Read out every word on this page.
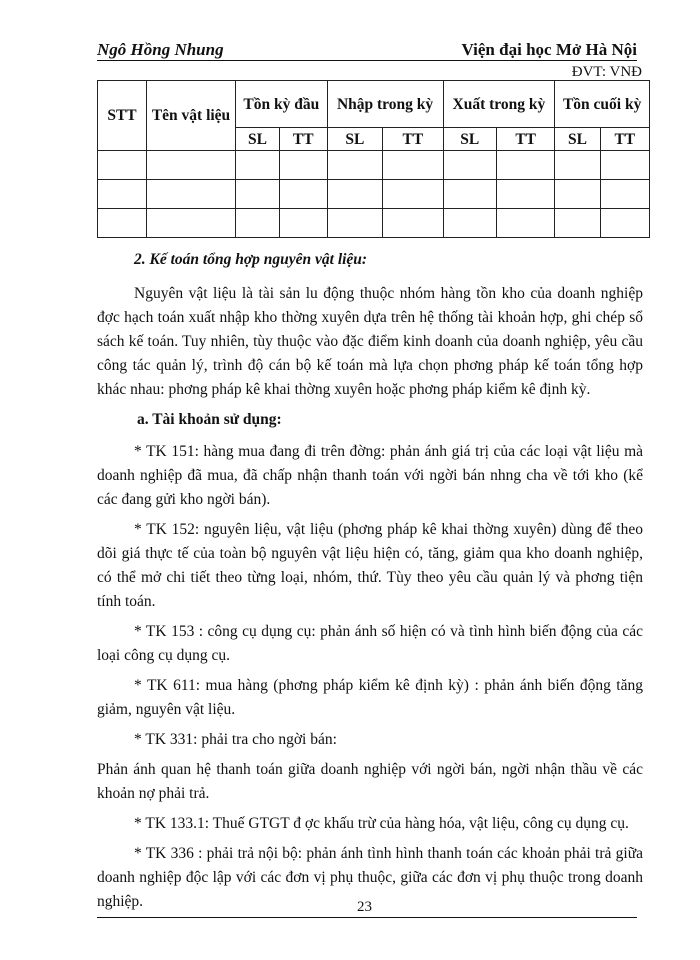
Ngô Hồng Nhung	Viện đại học Mở Hà Nội
ĐVT: VNĐ
STT	Tên vật liệu	Tồn kỳ đầu		Nhập trong kỳ		Xuất trong kỳ		Tồn cuối kỳ	
		SL	TT	SL	TT	SL	TT	SL	TT

2. Kế toán tổng hợp nguyên vật liệu:

Nguyên vật liệu là tài sản lu động thuộc nhóm hàng tồn kho của doanh nghiệp đợc hạch toán xuất nhập kho thờng xuyên dựa trên hệ thống tài khoản hợp, ghi chép sổ sách kế toán. Tuy nhiên, tùy thuộc vào đặc điểm kinh doanh của doanh nghiệp, yêu cầu công tác quản lý, trình độ cán bộ kế toán mà lựa chọn phơng pháp kế toán tổng hợp khác nhau: phơng pháp kê khai thờng xuyên hoặc phơng pháp kiểm kê định kỳ.

a. Tài khoản sử dụng:

* TK 151: hàng mua đang đi trên đờng: phản ánh giá trị của các loại vật liệu mà doanh nghiệp đã mua, đã chấp nhận thanh toán với ngời bán nhng cha về tới kho (kể các đang gửi kho ngời bán).

* TK 152: nguyên liệu, vật liệu (phơng pháp kê khai thờng xuyên) dùng để theo dõi giá thực tế của toàn bộ nguyên vật liệu hiện có, tăng, giảm qua kho doanh nghiệp, có thể mở chi tiết theo từng loại, nhóm, thứ. Tùy theo yêu cầu quản lý và phơng tiện tính toán.

* TK 153 : công cụ dụng cụ: phản ánh số hiện có và tình hình biến động của các loại công cụ dụng cụ.

* TK 611: mua hàng (phơng pháp kiểm kê định kỳ) : phản ánh biến động tăng giảm, nguyên vật liệu.

* TK 331: phải tra cho ngời bán:

Phản ánh quan hệ thanh toán giữa doanh nghiệp với ngời bán, ngời nhận thầu về các khoản nợ phải trả.

* TK 133.1: Thuế GTGT đ ợc khấu trừ của hàng hóa, vật liệu, công cụ dụng cụ.

* TK 336 : phải trả nội bộ: phản ánh tình hình thanh toán các khoản phải trả giữa doanh nghiệp độc lập với các đơn vị phụ thuộc, giữa các đơn vị phụ thuộc trong doanh nghiệp.	23
